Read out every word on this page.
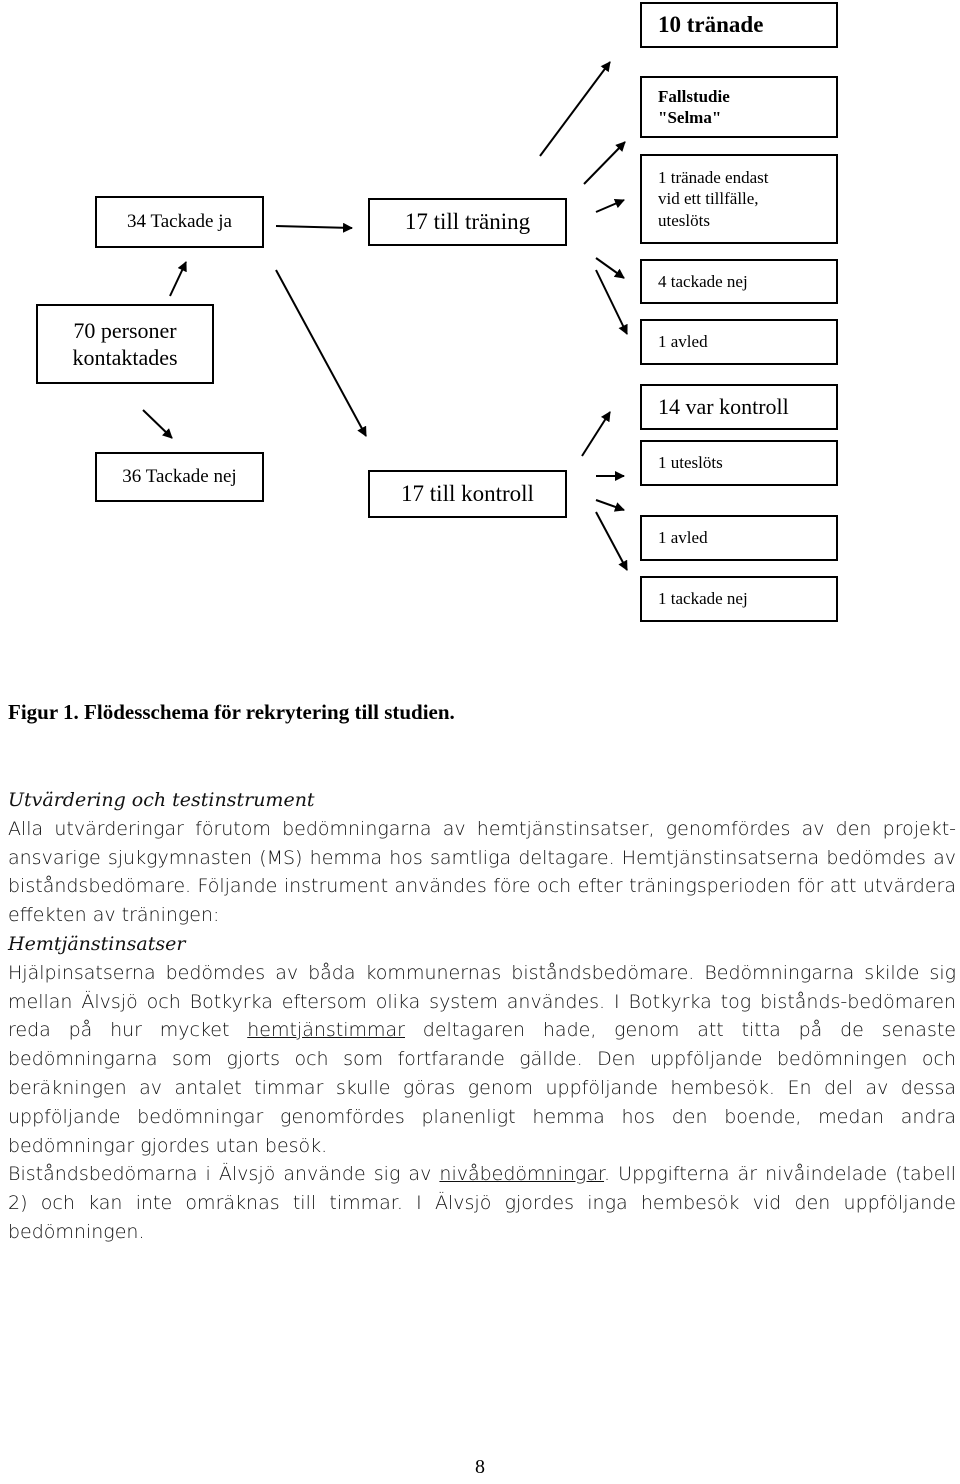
70 personer
kontaktades
34 Tackade ja
36 Tackade nej
17 till träning
17 till kontroll
10 tränade
Fallstudie
"Selma"
1 tränade endast
vid ett tillfälle,
uteslöts
4 tackade nej
1 avled
14 var kontroll
1 uteslöts
1 avled
1 tackade nej
Figur 1. Flödesschema för rekrytering till studien.

Utvärdering och testinstrument

Alla utvärderingar förutom bedömningarna av hemtjänstinsatser, genomfördes av den projekt-ansvarige sjukgymnasten (MS) hemma hos samtliga deltagare. Hemtjänstinsatserna bedömdes av biståndsbedömare. Följande instrument användes före och efter träningsperioden för att utvärdera effekten av träningen:

Hemtjänstinsatser

Hjälpinsatserna bedömdes av båda kommunernas biståndsbedömare. Bedömningarna skilde sig mellan Älvsjö och Botkyrka eftersom olika system användes. I Botkyrka tog bistånds-bedömaren reda på hur mycket hemtjänstimmar deltagaren hade, genom att titta på de senaste bedömningarna som gjorts och som fortfarande gällde. Den uppföljande bedömningen och beräkningen av antalet timmar skulle göras genom uppföljande hembesök. En del av dessa uppföljande bedömningar genomfördes planenligt hemma hos den boende, medan andra bedömningar gjordes utan besök.

Biståndsbedömarna i Älvsjö använde sig av nivåbedömningar. Uppgifterna är nivåindelade (tabell 2) och kan inte omräknas till timmar. I Älvsjö gjordes inga hembesök vid den uppföljande bedömningen.

8
